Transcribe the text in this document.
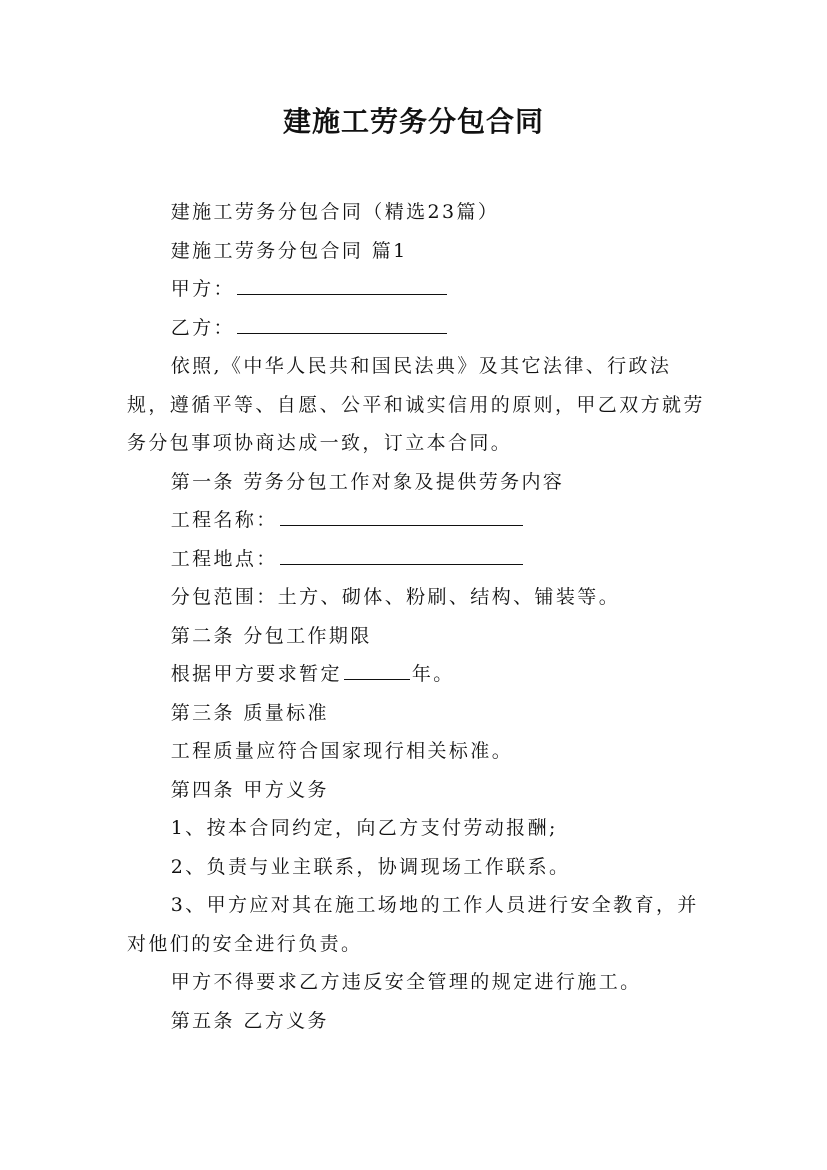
建施工劳务分包合同

建施工劳务分包合同（精选23篇）

建施工劳务分包合同 篇1

甲方：

乙方：

依照,《中华人民共和国民法典》及其它法律、行政法规，遵循平等、自愿、公平和诚实信用的原则，甲乙双方就劳务分包事项协商达成一致，订立本合同。

第一条 劳务分包工作对象及提供劳务内容

工程名称：

工程地点：

分包范围：土方、砌体、粉刷、结构、铺装等。

第二条 分包工作期限

根据甲方要求暂定	年。

第三条 质量标准

工程质量应符合国家现行相关标准。

第四条 甲方义务

1、按本合同约定，向乙方支付劳动报酬;

2、负责与业主联系，协调现场工作联系。

3、甲方应对其在施工场地的工作人员进行安全教育，并对他们的安全进行负责。

甲方不得要求乙方违反安全管理的规定进行施工。

第五条 乙方义务
